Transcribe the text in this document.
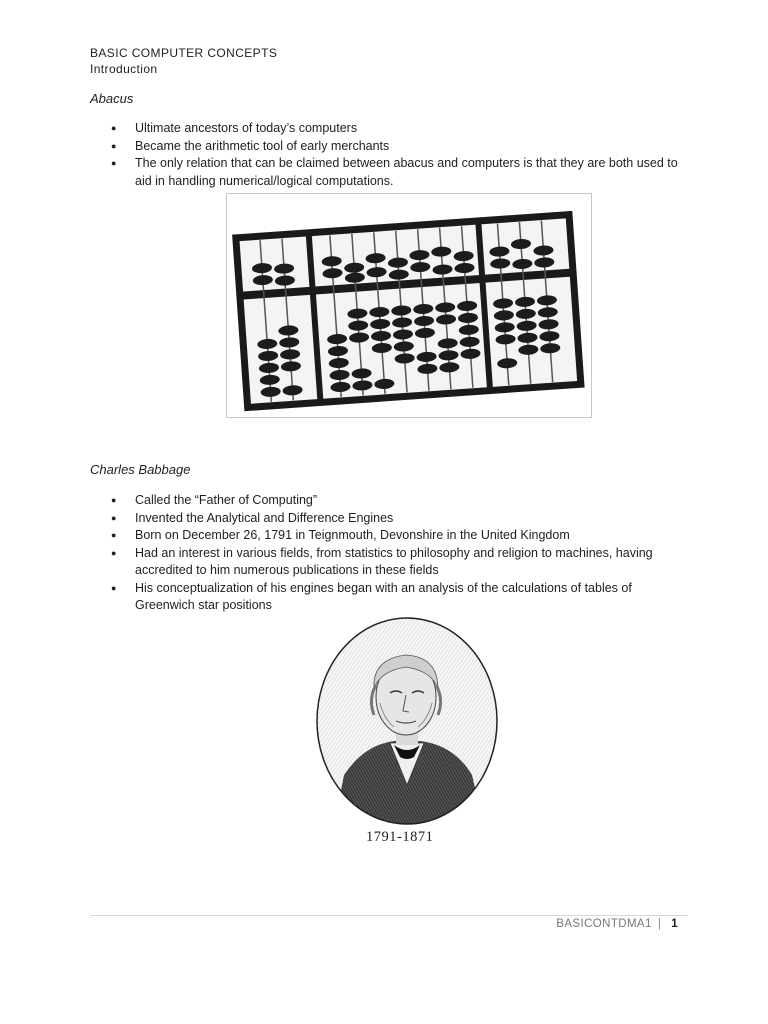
BASIC COMPUTER CONCEPTS
Introduction
Abacus
● Ultimate ancestors of today’s computers
● Became the arithmetic tool of early merchants
● The only relation that can be claimed between abacus and computers is that they are both used to aid in handling numerical/logical computations.
Charles Babbage
● Called the “Father of Computing”
● Invented the Analytical and Difference Engines
● Born on December 26, 1791 in Teignmouth, Devonshire in the United Kingdom
● Had an interest in various fields, from statistics to philosophy and religion to machines, having accredited to him numerous publications in these fields
● His conceptualization of his engines began with an analysis of the calculations of tables of Greenwich star positions
1791-1871
BASICONTDMA1 | 1
